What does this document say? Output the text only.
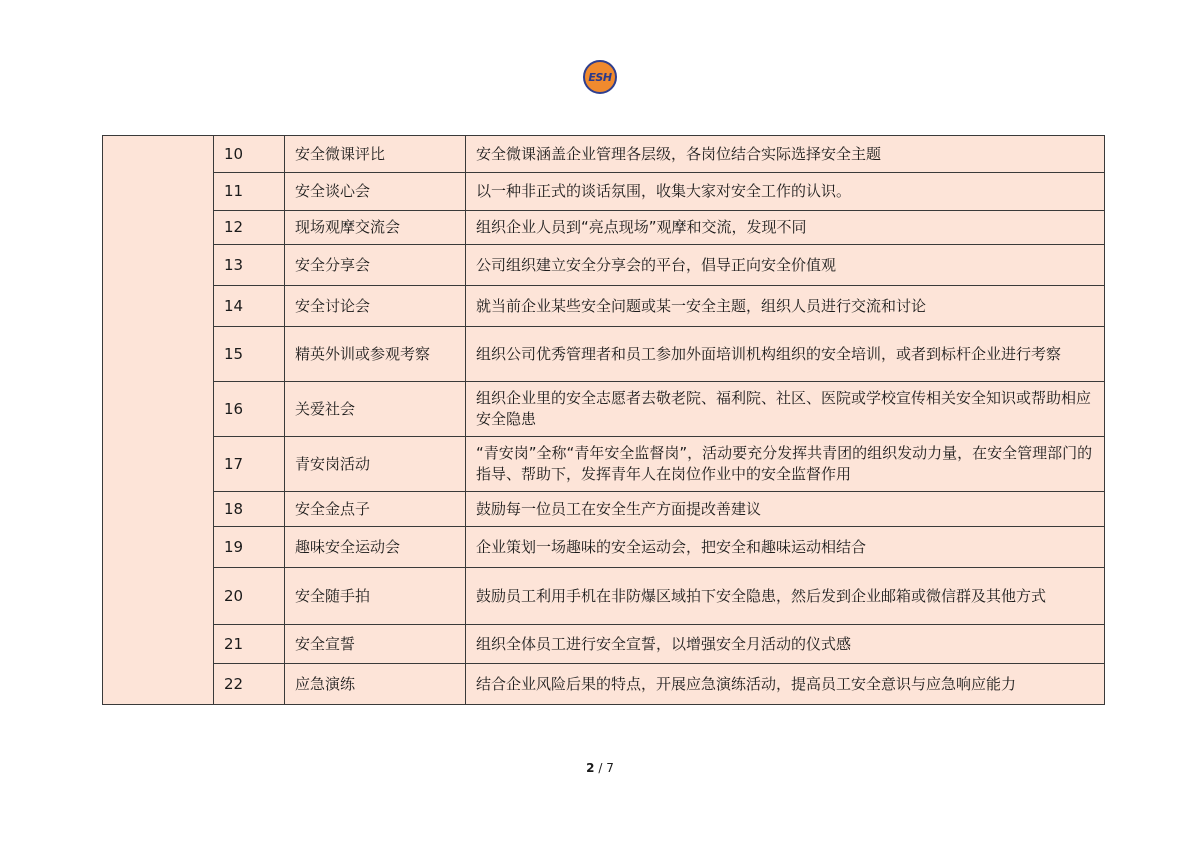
ESH
	10	安全微课评比	安全微课涵盖企业管理各层级，各岗位结合实际选择安全主题
	11	安全谈心会	以一种非正式的谈话氛围，收集大家对安全工作的认识。
	12	现场观摩交流会	组织企业人员到“亮点现场”观摩和交流，发现不同
	13	安全分享会	公司组织建立安全分享会的平台，倡导正向安全价值观
	14	安全讨论会	就当前企业某些安全问题或某一安全主题，组织人员进行交流和讨论
	15	精英外训或参观考察	组织公司优秀管理者和员工参加外面培训机构组织的安全培训，或者到标杆企业进行考察
	16	关爱社会	组织企业里的安全志愿者去敬老院、福利院、社区、医院或学校宣传相关安全知识或帮助相应安全隐患
	17	青安岗活动	“青安岗”全称“青年安全监督岗”，活动要充分发挥共青团的组织发动力量，在安全管理部门的指导、帮助下，发挥青年人在岗位作业中的安全监督作用
	18	安全金点子	鼓励每一位员工在安全生产方面提改善建议
	19	趣味安全运动会	企业策划一场趣味的安全运动会，把安全和趣味运动相结合
	20	安全随手拍	鼓励员工利用手机在非防爆区域拍下安全隐患，然后发到企业邮箱或微信群及其他方式
	21	安全宣誓	组织全体员工进行安全宣誓，以增强安全月活动的仪式感
	22	应急演练	结合企业风险后果的特点，开展应急演练活动，提高员工安全意识与应急响应能力
2 / 7
